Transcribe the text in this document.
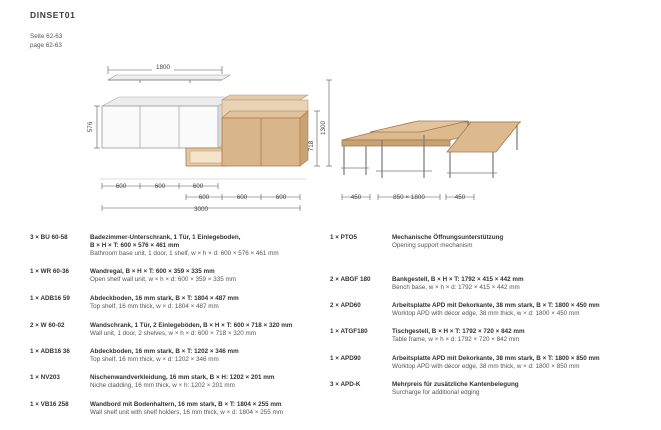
DINSET01
Seite 62-63
page 62-63
1800
576	1300
718
600	600	600
600	600	600
3000
450	850 × 1800	450
3 × BU 60-58	Badezimmer-Unterschrank, 1 Tür, 1 Einlegeboden,
B × H × T: 600 × 576 × 461 mm
Bathroom base unit, 1 door, 1 shelf, w × h × d: 600 × 576 × 461 mm
1 × WR 60-36	Wandregal, B × H × T: 600 × 359 × 335 mm
Open shelf wall unit, w × h × d: 600 × 359 × 335 mm
1 × ADB16 59	Abdeckboden, 16 mm stark, B × T: 1804 × 487 mm
Top shelf, 16 mm thick, w × d: 1804 × 487 mm
2 × W 60-02	Wandschrank, 1 Tür, 2 Einlegeböden, B × H × T: 600 × 718 × 320 mm
Wall unit, 1 door, 2 shelves, w × h × d: 600 × 718 × 320 mm
1 × ADB16 36	Abdeckboden, 16 mm stark, B × T: 1202 × 346 mm
Top shelf, 16 mm thick, w × d: 1202 × 346 mm
1 × NV203	Nischenwandverkleidung, 16 mm stark, B × H: 1202 × 201 mm
Niche cladding, 16 mm thick, w × h: 1202 × 201 mm
1 × VB16 258	Wandbord mit Bodenhaltern, 16 mm stark, B × T: 1804 × 255 mm
Wall shelf unit with shelf holders, 16 mm thick, w × d: 1804 × 255 mm
1 × PTO5	Mechanische Öffnungsunterstützung
Opening support mechanism
2 × ABGF 180	Bankgestell, B × H × T: 1792 × 415 × 442 mm
Bench base, w × h × d: 1792 × 415 × 442 mm
2 × APD60	Arbeitsplatte APD mit Dekorkante, 38 mm stark, B × T: 1800 × 450 mm
Worktop APD with décor edge, 38 mm thick, w × d: 1800 × 450 mm
1 × ATGF180	Tischgestell, B × H × T: 1792 × 720 × 842 mm
Table frame, w × h × d: 1792 × 720 × 842 mm
1 × APD90	Arbeitsplatte APD mit Dekorkante, 38 mm stark, B × T: 1800 × 850 mm
Worktop APD with décor edge, 38 mm thick, w × d: 1800 × 850 mm
3 × APD-K	Mehrpreis für zusätzliche Kantenbelegung
Surcharge for additional edging
